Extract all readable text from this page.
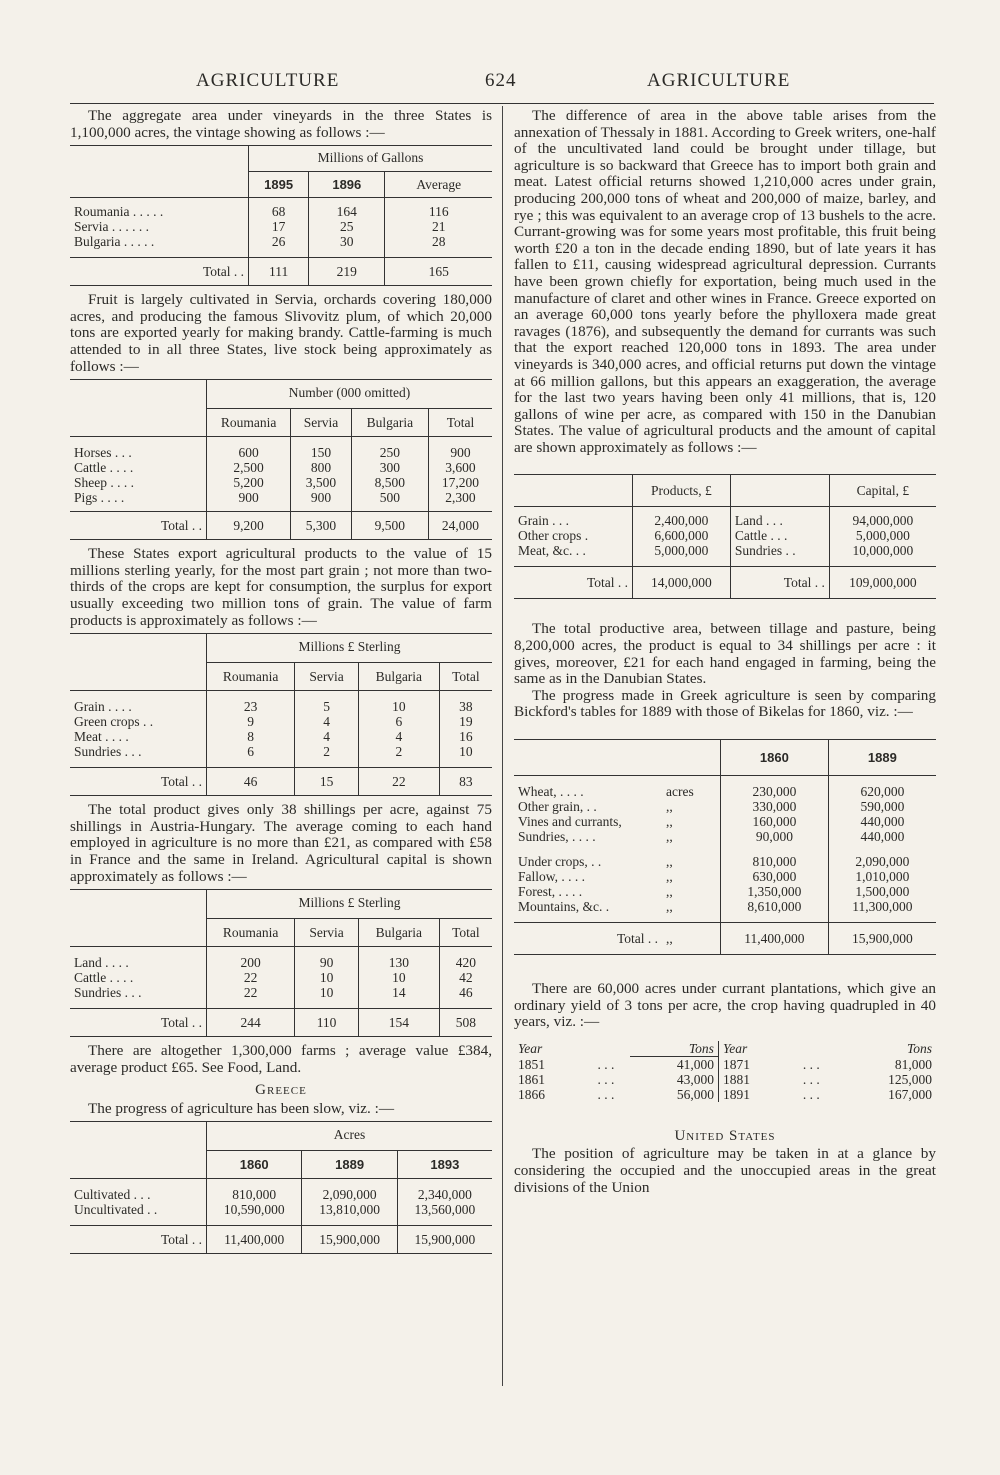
AGRICULTURE	624	AGRICULTURE

The aggregate area under vineyards in the three States is 1,100,000 acres, the vintage showing as follows :—

	Millions of Gallons		
	1895	1896	Average

Roumania . . . . .	68	164	116
Servia . . . . . .	17	25	21
Bulgaria . . . . .	26	30	28

Total . .	111	219	165

Fruit is largely cultivated in Servia, orchards covering 180,000 acres, and producing the famous Slivovitz plum, of which 20,000 tons are exported yearly for making brandy. Cattle-farming is much attended to in all three States, live stock being approximately as follows :—

	Number (000 omitted)			
	Roumania	Servia	Bulgaria	Total

Horses . . .	600	150	250	900
Cattle . . . .	2,500	800	300	3,600
Sheep . . . .	5,200	3,500	8,500	17,200
Pigs . . . .	900	900	500	2,300

Total . .	9,200	5,300	9,500	24,000

These States export agricultural products to the value of 15 millions sterling yearly, for the most part grain ; not more than two-thirds of the crops are kept for consumption, the surplus for export usually exceeding two million tons of grain. The value of farm products is approximately as follows :—

	Millions £ Sterling			
	Roumania	Servia	Bulgaria	Total

Grain . . . .	23	5	10	38
Green crops . .	9	4	6	19
Meat . . . .	8	4	4	16
Sundries . . .	6	2	2	10

Total . .	46	15	22	83

The total product gives only 38 shillings per acre, against 75 shillings in Austria-Hungary. The average coming to each hand employed in agriculture is no more than £21, as compared with £58 in France and the same in Ireland. Agricultural capital is shown approximately as follows :—

	Millions £ Sterling			
	Roumania	Servia	Bulgaria	Total

Land . . . .	200	90	130	420
Cattle . . . .	22	10	10	42
Sundries . . .	22	10	14	46

Total . .	244	110	154	508

There are altogether 1,300,000 farms ; average value £384, average product £65. See Food, Land.

Greece

The progress of agriculture has been slow, viz. :—

	Acres		
	1860	1889	1893

Cultivated . . .	810,000	2,090,000	2,340,000
Uncultivated . .	10,590,000	13,810,000	13,560,000

Total . .	11,400,000	15,900,000	15,900,000

The difference of area in the above table arises from the annexation of Thessaly in 1881. According to Greek writers, one-half of the uncultivated land could be brought under tillage, but agriculture is so backward that Greece has to import both grain and meat. Latest official returns showed 1,210,000 acres under grain, producing 200,000 tons of wheat and 200,000 of maize, barley, and rye ; this was equivalent to an average crop of 13 bushels to the acre. Currant-growing was for some years most profitable, this fruit being worth £20 a ton in the decade ending 1890, but of late years it has fallen to £11, causing widespread agricultural depression. Currants have been grown chiefly for exportation, being much used in the manufacture of claret and other wines in France. Greece exported on an average 60,000 tons yearly before the phylloxera made great ravages (1876), and subsequently the demand for currants was such that the export reached 120,000 tons in 1893. The area under vineyards is 340,000 acres, and official returns put down the vintage at 66 million gallons, but this appears an exaggeration, the average for the last two years having been only 41 millions, that is, 120 gallons of wine per acre, as compared with 150 in the Danubian States. The value of agricultural products and the amount of capital are shown approximately as follows :—

	Products, £		Capital, £

Grain . . .	2,400,000	Land . . .	94,000,000
Other crops .	6,600,000	Cattle . . .	5,000,000
Meat, &c. . .	5,000,000	Sundries . .	10,000,000

Total . .	14,000,000	Total . .	109,000,000

The total productive area, between tillage and pasture, being 8,200,000 acres, the product is equal to 34 shillings per acre : it gives, moreover, £21 for each hand engaged in farming, being the same as in the Danubian States.

The progress made in Greek agriculture is seen by comparing Bickford's tables for 1889 with those of Bikelas for 1860, viz. :—

		1860	1889

Wheat, . . . .	acres	230,000	620,000
Other grain, . .	,,	330,000	590,000
Vines and currants,	,,	160,000	440,000
Sundries, . . . .	,,	90,000	440,000

Under crops, . .	,,	810,000	2,090,000
Fallow, . . . .	,,	630,000	1,010,000
Forest, . . . .	,,	1,350,000	1,500,000
Mountains, &c. .	,,	8,610,000	11,300,000

Total . .	,,	11,400,000	15,900,000

There are 60,000 acres under currant plantations, which give an ordinary yield of 3 tons per acre, the crop having quadrupled in 40 years, viz. :—

Year		Tons	Year		Tons
1851	. . .	41,000	1871	. . .	81,000
1861	. . .	43,000	1881	. . .	125,000
1866	. . .	56,000	1891	. . .	167,000
United States

The position of agriculture may be taken in at a glance by considering the occupied and the unoccupied areas in the great divisions of the Union
